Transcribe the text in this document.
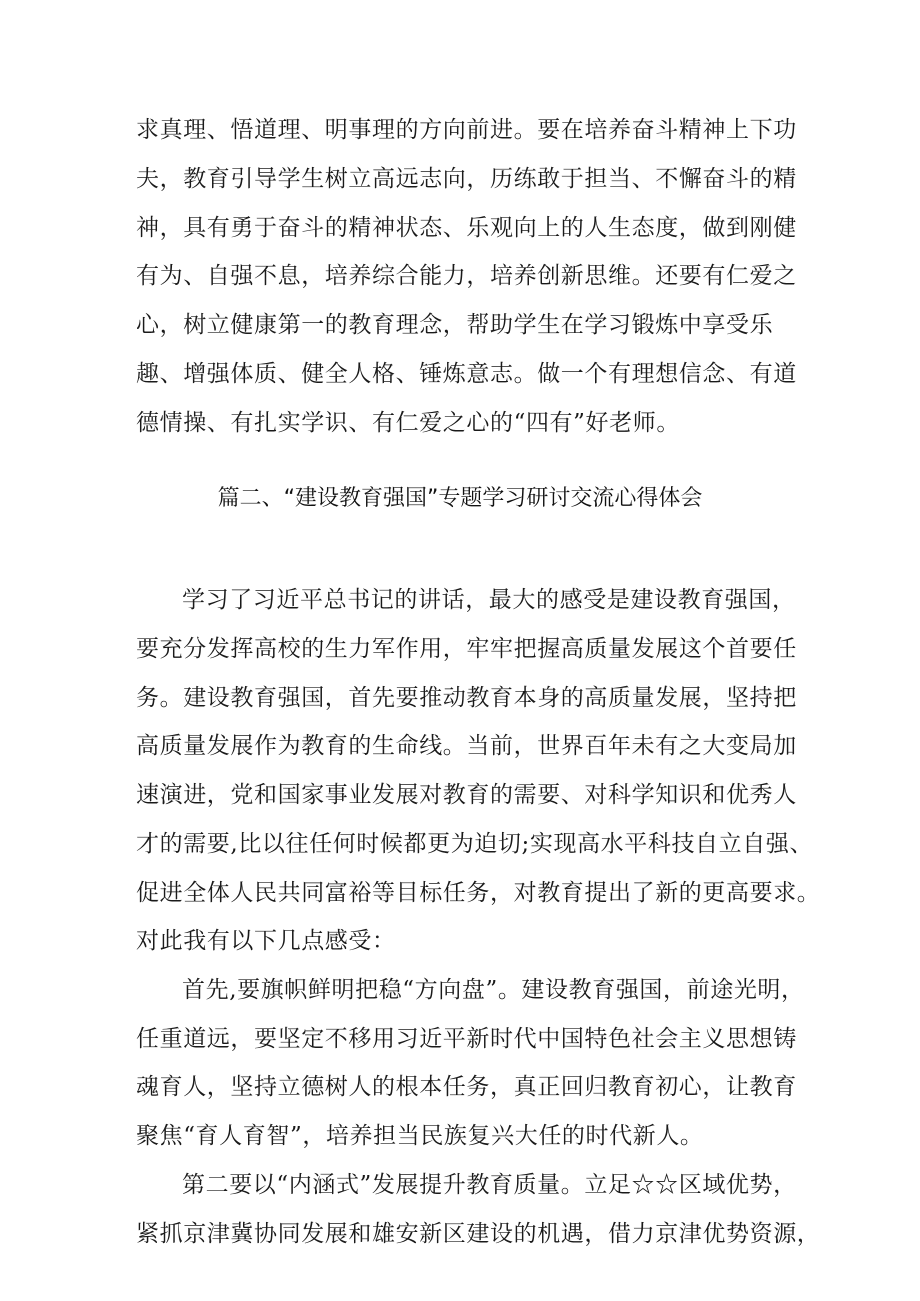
求真理、悟道理、明事理的方向前进。要在培养奋斗精神上下功
夫，教育引导学生树立高远志向，历练敢于担当、不懈奋斗的精
神，具有勇于奋斗的精神状态、乐观向上的人生态度，做到刚健
有为、自强不息，培养综合能力，培养创新思维。还要有仁爱之
心，树立健康第一的教育理念，帮助学生在学习锻炼中享受乐
趣、增强体质、健全人格、锤炼意志。做一个有理想信念、有道
德情操、有扎实学识、有仁爱之心的“四有”好老师。
篇二、“建设教育强国”专题学习研讨交流心得体会
学习了习近平总书记的讲话，最大的感受是建设教育强国，
要充分发挥高校的生力军作用，牢牢把握高质量发展这个首要任
务。建设教育强国，首先要推动教育本身的高质量发展，坚持把
高质量发展作为教育的生命线。当前，世界百年未有之大变局加
速演进，党和国家事业发展对教育的需要、对科学知识和优秀人
才的需要,比以往任何时候都更为迫切;实现高水平科技自立自强、
促进全体人民共同富裕等目标任务，对教育提出了新的更高要求。
对此我有以下几点感受：
首先,要旗帜鲜明把稳“方向盘”。建设教育强国，前途光明，
任重道远，要坚定不移用习近平新时代中国特色社会主义思想铸
魂育人，坚持立德树人的根本任务，真正回归教育初心，让教育
聚焦“育人育智”，培养担当民族复兴大任的时代新人。
第二要以“内涵式”发展提升教育质量。立足☆☆区域优势，
紧抓京津冀协同发展和雄安新区建设的机遇，借力京津优势资源，
